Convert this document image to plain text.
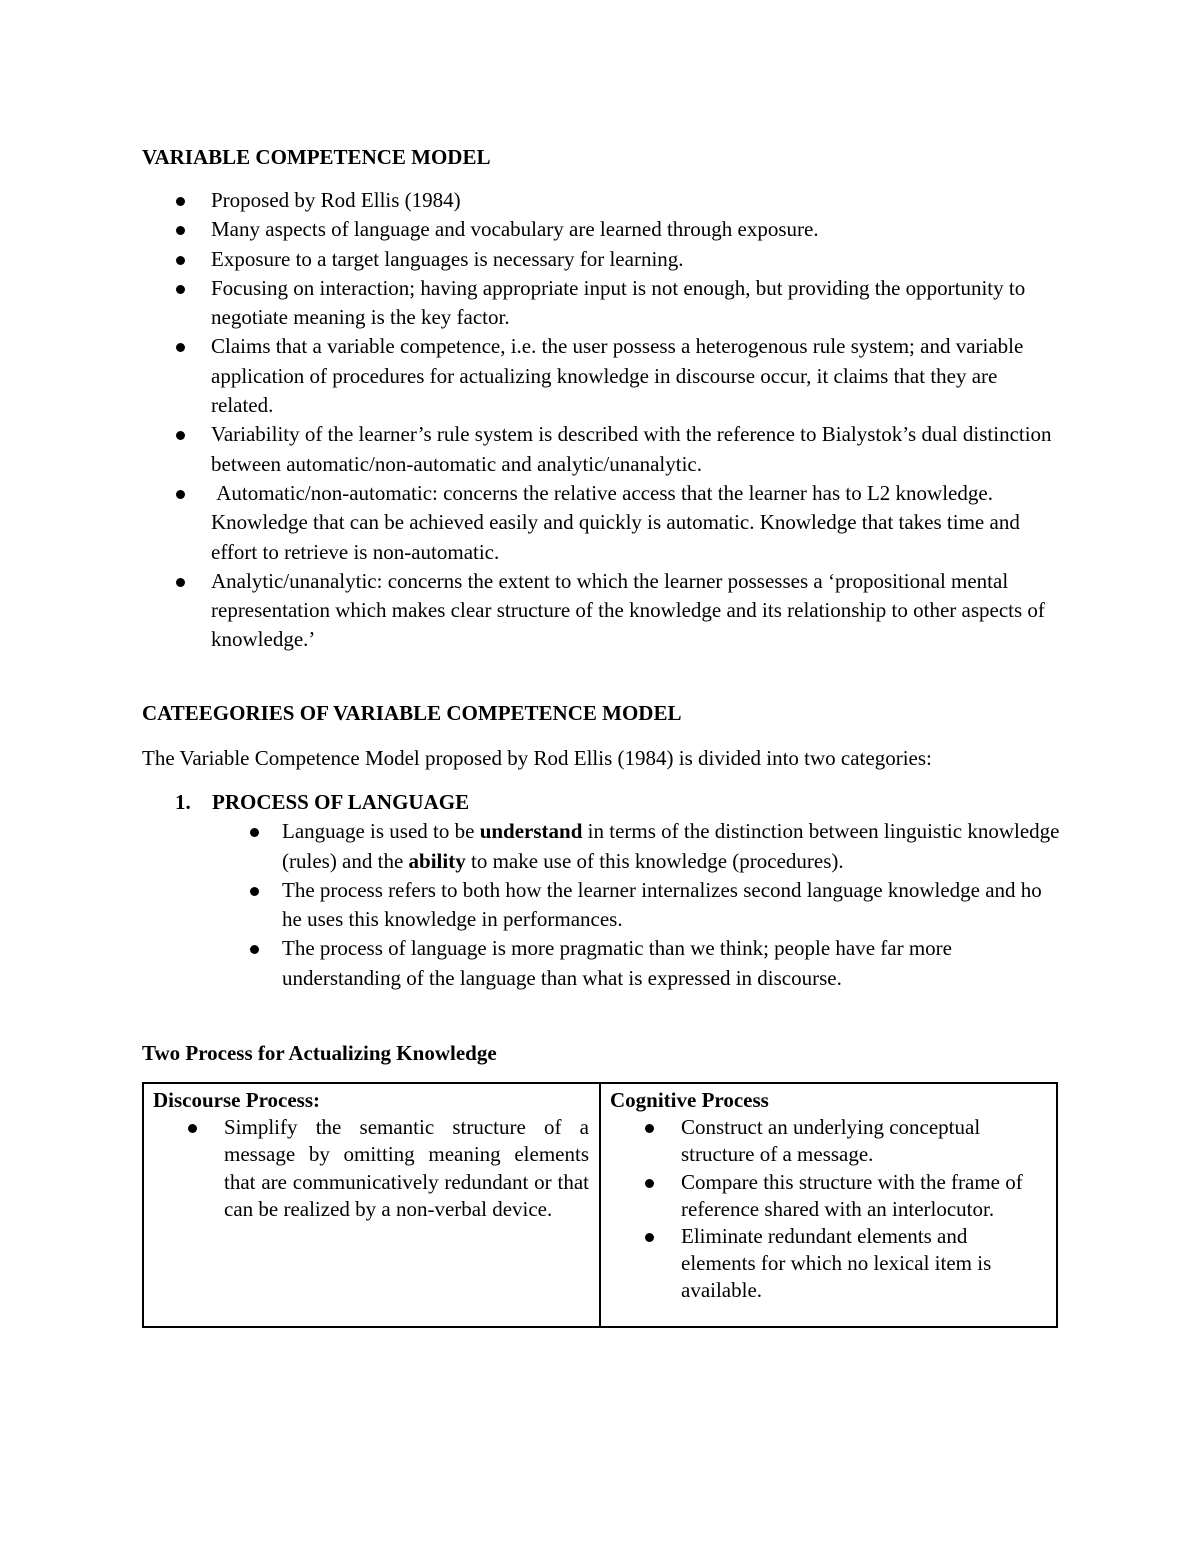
VARIABLE COMPETENCE MODEL
Proposed by Rod Ellis (1984)
Many aspects of language and vocabulary are learned through exposure.
Exposure to a target languages is necessary for learning.
Focusing on interaction; having appropriate input is not enough, but providing the opportunity to negotiate meaning is the key factor.
Claims that a variable competence, i.e. the user possess a heterogenous rule system; and variable application of procedures for actualizing knowledge in discourse occur, it claims that they are related.
Variability of the learner’s rule system is described with the reference to Bialystok’s dual distinction between automatic/non-automatic and analytic/unanalytic.
Automatic/non-automatic: concerns the relative access that the learner has to L2 knowledge. Knowledge that can be achieved easily and quickly is automatic. Knowledge that takes time and effort to retrieve is non-automatic.
Analytic/unanalytic: concerns the extent to which the learner possesses a ‘propositional mental representation which makes clear structure of the knowledge and its relationship to other aspects of knowledge.’
CATEEGORIES OF VARIABLE COMPETENCE MODEL

The Variable Competence Model proposed by Rod Ellis (1984) is divided into two categories:

1. PROCESS OF LANGUAGE
Language is used to be understand in terms of the distinction between linguistic knowledge (rules) and the ability to make use of this knowledge (procedures).
The process refers to both how the learner internalizes second language knowledge and ho he uses this knowledge in performances.
The process of language is more pragmatic than we think; people have far more understanding of the language than what is expressed in discourse.
Two Process for Actualizing Knowledge
Discourse Process:
Simplify the semantic structure of a message by omitting meaning elements that are communicatively redundant or that can be realized by a non-verbal device.
Cognitive Process
Construct an underlying conceptual structure of a message.
Compare this structure with the frame of reference shared with an interlocutor.
Eliminate redundant elements and elements for which no lexical item is available.
